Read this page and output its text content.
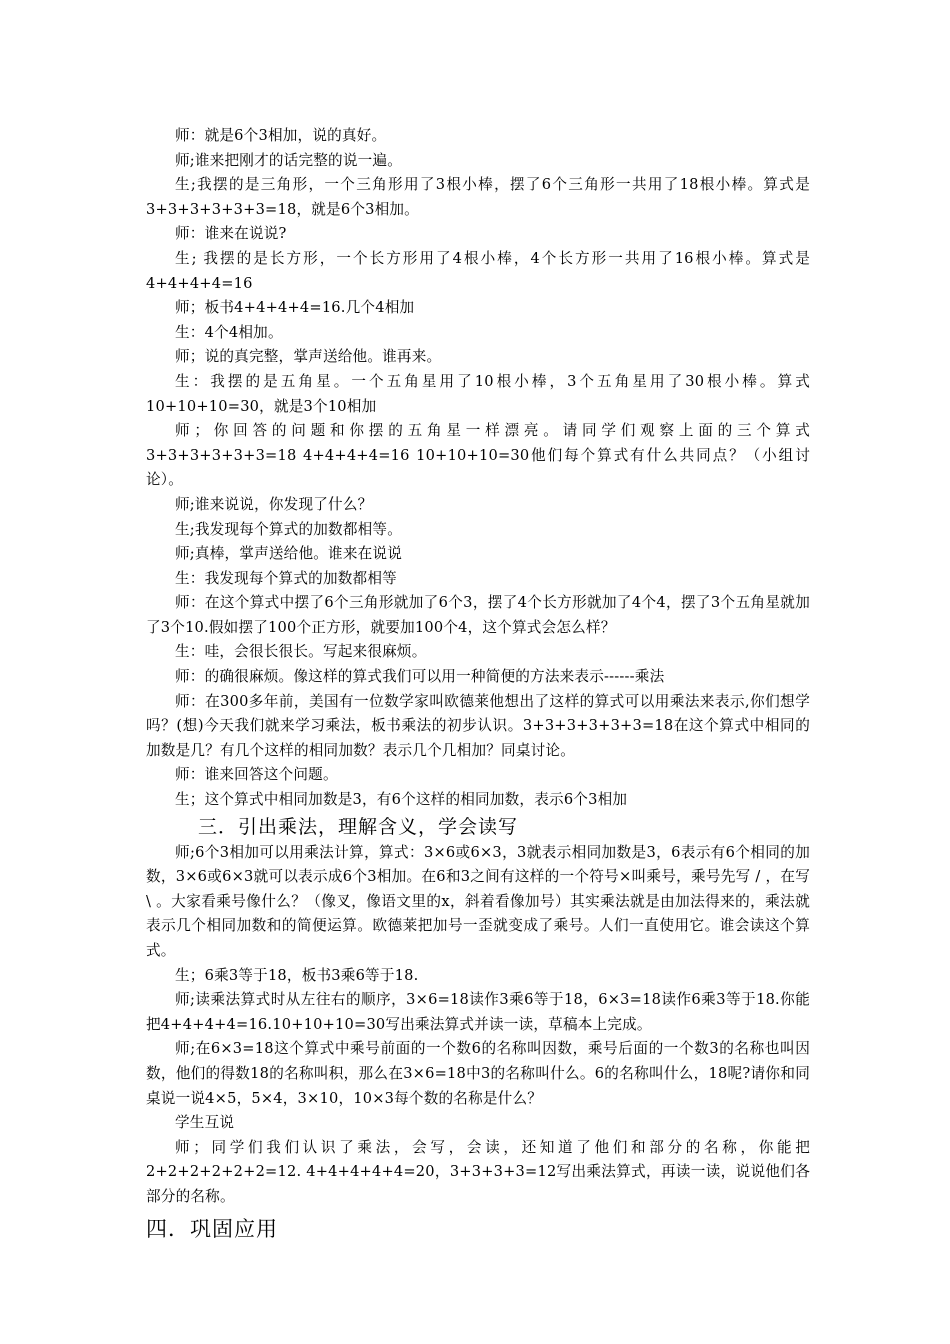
师：就是6个3相加，说的真好。

师;谁来把刚才的话完整的说一遍。

生;我摆的是三角形，一个三角形用了3根小棒，摆了6个三角形一共用了18根小棒。算式是3+3+3+3+3+3=18，就是6个3相加。

师：谁来在说说?

生; 我摆的是长方形，一个长方形用了4根小棒，4个长方形一共用了16根小棒。算式是4+4+4+4=16

师；板书4+4+4+4=16.几个4相加

生：4个4相加。

师；说的真完整，掌声送给他。谁再来。

生：我摆的是五角星。一个五角星用了10根小棒，3个五角星用了30根小棒。算式10+10+10=30，就是3个10相加

师；你回答的问题和你摆的五角星一样漂亮。请同学们观察上面的三个算式3+3+3+3+3+3=18 4+4+4+4=16 10+10+10=30他们每个算式有什么共同点？（小组讨论）。

师;谁来说说，你发现了什么？

生;我发现每个算式的加数都相等。

师;真棒，掌声送给他。谁来在说说

生：我发现每个算式的加数都相等

师：在这个算式中摆了6个三角形就加了6个3，摆了4个长方形就加了4个4，摆了3个五角星就加了3个10.假如摆了100个正方形，就要加100个4，这个算式会怎么样？

生：哇，会很长很长。写起来很麻烦。

师：的确很麻烦。像这样的算式我们可以用一种简便的方法来表示------乘法

师：在300多年前，美国有一位数学家叫欧德莱他想出了这样的算式可以用乘法来表示,你们想学吗？(想)今天我们就来学习乘法，板书乘法的初步认识。3+3+3+3+3+3=18在这个算式中相同的加数是几？有几个这样的相同加数？表示几个几相加？同桌讨论。

师：谁来回答这个问题。

生；这个算式中相同加数是3，有6个这样的相同加数，表示6个3相加

三．引出乘法，理解含义，学会读写

师;6个3相加可以用乘法计算，算式：3×6或6×3，3就表示相同加数是3，6表示有6个相同的加数，3×6或6×3就可以表示成6个3相加。在6和3之间有这样的一个符号×叫乘号，乘号先写 / ，在写 \ 。大家看乘号像什么？（像叉，像语文里的x，斜着看像加号）其实乘法就是由加法得来的，乘法就表示几个相同加数和的简便运算。欧德莱把加号一歪就变成了乘号。人们一直使用它。谁会读这个算式。

生；6乘3等于18，板书3乘6等于18.

师;读乘法算式时从左往右的顺序，3×6=18读作3乘6等于18，6×3=18读作6乘3等于18.你能把4+4+4+4=16.10+10+10=30写出乘法算式并读一读，草稿本上完成。

师;在6×3=18这个算式中乘号前面的一个数6的名称叫因数，乘号后面的一个数3的名称也叫因数，他们的得数18的名称叫积，那么在3×6=18中3的名称叫什么。6的名称叫什么，18呢?请你和同桌说一说4×5，5×4，3×10，10×3每个数的名称是什么？

学生互说

师；同学们我们认识了乘法，会写，会读，还知道了他们和部分的名称，你能把2+2+2+2+2+2=12. 4+4+4+4+4=20，3+3+3+3=12写出乘法算式，再读一读，说说他们各部分的名称。

四．巩固应用
